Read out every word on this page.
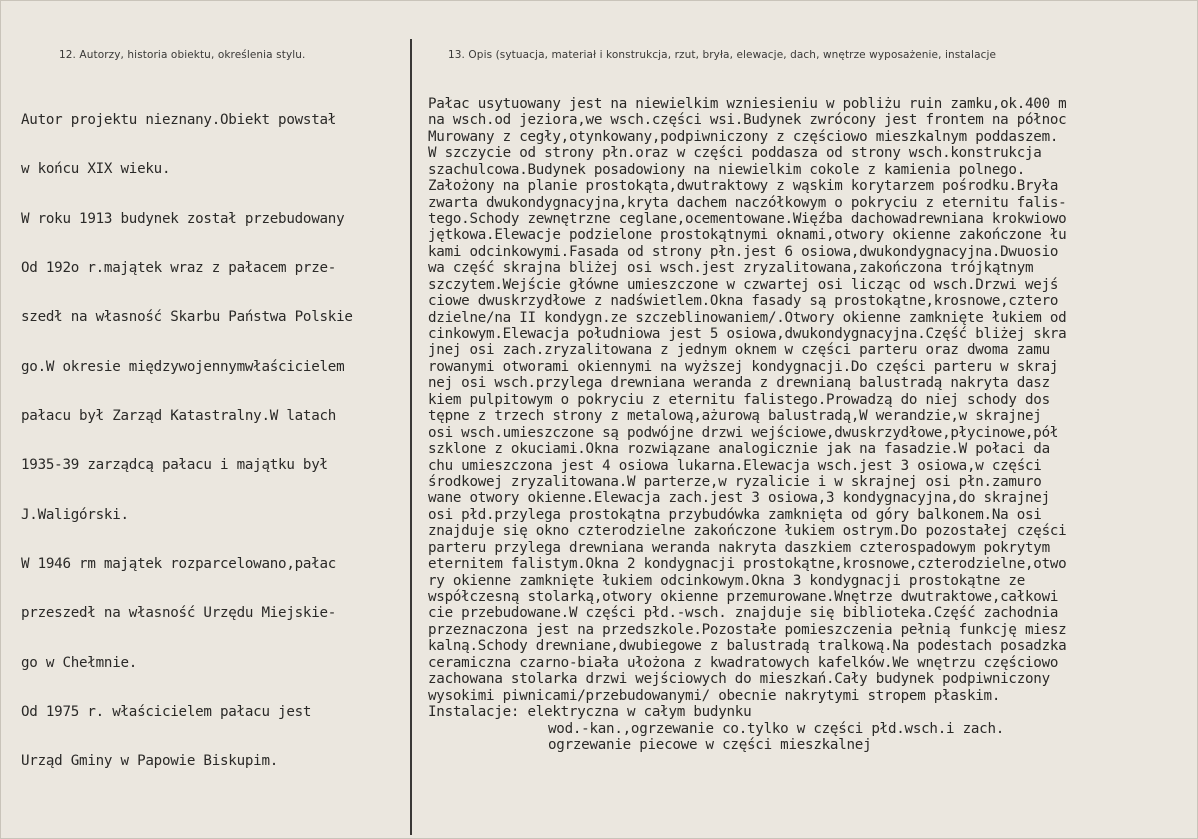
12. Autorzy, historia obiektu, określenia stylu.	13. Opis (sytuacja, materiał i konstrukcja, rzut, bryła, elewacje, dach, wnętrze wyposażenie, instalacje

Autor projektu nieznany.Obiekt powstał

w końcu XIX wieku.

W roku 1913 budynek został przebudowany

Od 192o r.majątek wraz z pałacem prze-

szedł na własność Skarbu Państwa Polskie

go.W okresie międzywojennymwłaścicielem

pałacu był Zarząd Katastralny.W latach

1935-39 zarządcą pałacu i majątku był

J.Waligórski.

W 1946 rm majątek rozparcelowano,pałac

przeszedł na własność Urzędu Miejskie-

go w Chełmnie.

Od 1975 r. właścicielem pałacu jest

Urząd Gminy w Papowie Biskupim.

Pałac usytuowany jest na niewielkim wzniesieniu w pobliżu ruin zamku,ok.400 m
na wsch.od jeziora,we wsch.części wsi.Budynek zwrócony jest frontem na północ
Murowany z cegły,otynkowany,podpiwniczony z częściowo mieszkalnym poddaszem.
W szczycie od strony płn.oraz w części poddasza od strony wsch.konstrukcja
szachulcowa.Budynek posadowiony na niewielkim cokole z kamienia polnego.
Założony na planie prostokąta,dwutraktowy z wąskim korytarzem pośrodku.Bryła
zwarta dwukondygnacyjna,kryta dachem naczółkowym o pokryciu z eternitu falis-
tego.Schody zewnętrzne ceglane,ocementowane.Więźba dachowadrewniana krokwiowo
jętkowa.Elewacje podzielone prostokątnymi oknami,otwory okienne zakończone łu
kami odcinkowymi.Fasada od strony płn.jest 6 osiowa,dwukondygnacyjna.Dwuosio
wa część skrajna bliżej osi wsch.jest zryzalitowana,zakończona trójkątnym
szczytem.Wejście główne umieszczone w czwartej osi licząc od wsch.Drzwi wejś
ciowe dwuskrzydłowe z nadświetlem.Okna fasady są prostokątne,krosnowe,cztero
dzielne/na II kondygn.ze szczeblinowaniem/.Otwory okienne zamknięte łukiem od
cinkowym.Elewacja południowa jest 5 osiowa,dwukondygnacyjna.Część bliżej skra
jnej osi zach.zryzalitowana z jednym oknem w części parteru oraz dwoma zamu
rowanymi otworami okiennymi na wyższej kondygnacji.Do części parteru w skraj
nej osi wsch.przylega drewniana weranda z drewnianą balustradą nakryta dasz
kiem pulpitowym o pokryciu z eternitu falistego.Prowadzą do niej schody dos
tępne z trzech strony z metalową,ażurową balustradą,W werandzie,w skrajnej
osi wsch.umieszczone są podwójne drzwi wejściowe,dwuskrzydłowe,płycinowe,pół
szklone z okuciami.Okna rozwiązane analogicznie jak na fasadzie.W połaci da
chu umieszczona jest 4 osiowa lukarna.Elewacja wsch.jest 3 osiowa,w części
środkowej zryzalitowana.W parterze,w ryzalicie i w skrajnej osi płn.zamuro
wane otwory okienne.Elewacja zach.jest 3 osiowa,3 kondygnacyjna,do skrajnej
osi płd.przylega prostokątna przybudówka zamknięta od góry balkonem.Na osi
znajduje się okno czterodzielne zakończone łukiem ostrym.Do pozostałej części
parteru przylega drewniana weranda nakryta daszkiem czterospadowym pokrytym
eternitem falistym.Okna 2 kondygnacji prostokątne,krosnowe,czterodzielne,otwo
ry okienne zamknięte łukiem odcinkowym.Okna 3 kondygnacji prostokątne ze
współczesną stolarką,otwory okienne przemurowane.Wnętrze dwutraktowe,całkowi
cie przebudowane.W części płd.-wsch. znajduje się biblioteka.Część zachodnia
przeznaczona jest na przedszkole.Pozostałe pomieszczenia pełnią funkcję miesz
kalną.Schody drewniane,dwubiegowe z balustradą tralkową.Na podestach posadzka
ceramiczna czarno-biała ułożona z kwadratowych kafelków.We wnętrzu częściowo
zachowana stolarka drzwi wejściowych do mieszkań.Cały budynek podpiwniczony
wysokimi piwnicami/przebudowanymi/ obecnie nakrytymi stropem płaskim.
Instalacje: elektryczna w całym budynku
wod.-kan.,ogrzewanie co.tylko w części płd.wsch.i zach.
ogrzewanie piecowe w części mieszkalnej
